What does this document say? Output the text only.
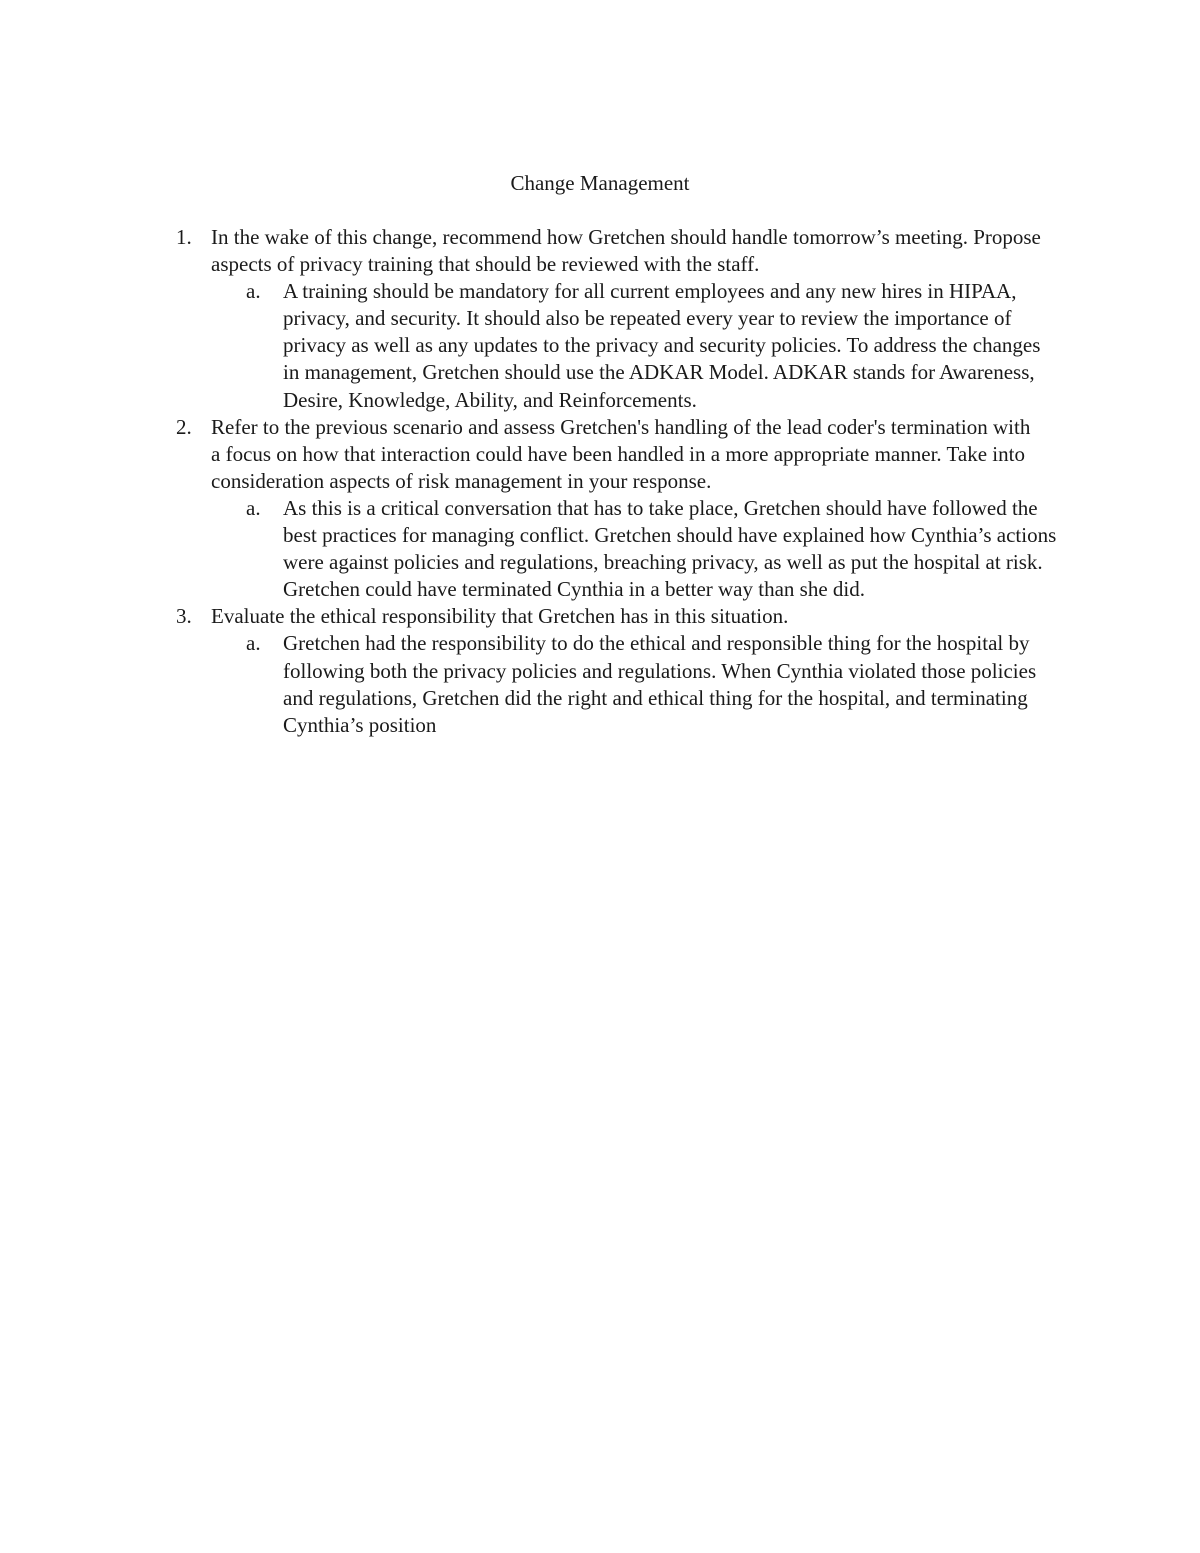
Change Management
1. In the wake of this change, recommend how Gretchen should handle tomorrow’s meeting. Propose aspects of privacy training that should be reviewed with the staff.
a. A training should be mandatory for all current employees and any new hires in HIPAA, privacy, and security. It should also be repeated every year to review the importance of privacy as well as any updates to the privacy and security policies. To address the changes in management, Gretchen should use the ADKAR Model. ADKAR stands for Awareness, Desire, Knowledge, Ability, and Reinforcements.
2. Refer to the previous scenario and assess Gretchen's handling of the lead coder's termination with a focus on how that interaction could have been handled in a more appropriate manner. Take into consideration aspects of risk management in your response.
a. As this is a critical conversation that has to take place, Gretchen should have followed the best practices for managing conflict. Gretchen should have explained how Cynthia’s actions were against policies and regulations, breaching privacy, as well as put the hospital at risk. Gretchen could have terminated Cynthia in a better way than she did.
3. Evaluate the ethical responsibility that Gretchen has in this situation.
a. Gretchen had the responsibility to do the ethical and responsible thing for the hospital by following both the privacy policies and regulations. When Cynthia violated those policies and regulations, Gretchen did the right and ethical thing for the hospital, and terminating Cynthia’s position
